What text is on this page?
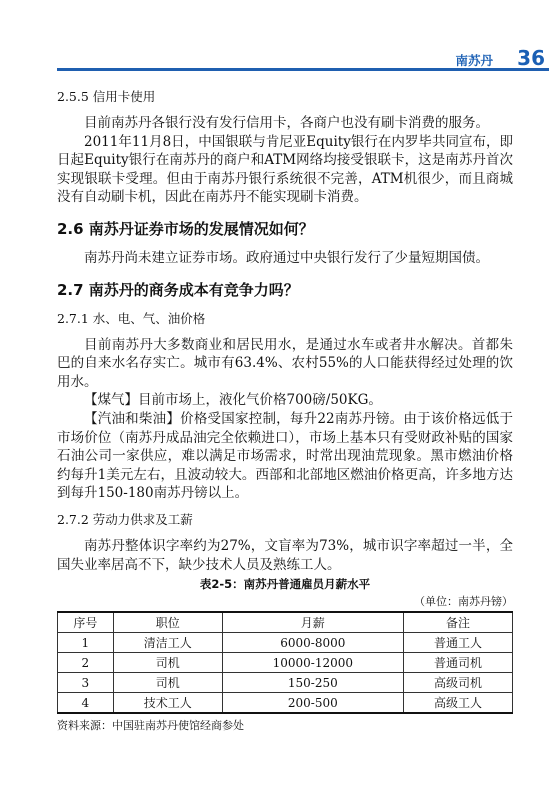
南苏丹 36
2.5.5 信用卡使用

目前南苏丹各银行没有发行信用卡，各商户也没有刷卡消费的服务。

2011年11月8日，中国银联与肯尼亚Equity银行在内罗毕共同宣布，即日起Equity银行在南苏丹的商户和ATM网络均接受银联卡，这是南苏丹首次实现银联卡受理。但由于南苏丹银行系统很不完善，ATM机很少，而且商城没有自动刷卡机，因此在南苏丹不能实现刷卡消费。

2.6 南苏丹证券市场的发展情况如何？

南苏丹尚未建立证券市场。政府通过中央银行发行了少量短期国债。

2.7 南苏丹的商务成本有竞争力吗？
2.7.1 水、电、气、油价格

目前南苏丹大多数商业和居民用水，是通过水车或者井水解决。首都朱巴的自来水名存实亡。城市有63.4%、农村55%的人口能获得经过处理的饮用水。

【煤气】目前市场上，液化气价格700磅/50KG。

【汽油和柴油】价格受国家控制，每升22南苏丹镑。由于该价格远低于市场价位（南苏丹成品油完全依赖进口），市场上基本只有受财政补贴的国家石油公司一家供应，难以满足市场需求，时常出现油荒现象。黑市燃油价格约每升1美元左右，且波动较大。西部和北部地区燃油价格更高，许多地方达到每升150-180南苏丹镑以上。

2.7.2 劳动力供求及工薪

南苏丹整体识字率约为27%，文盲率为73%，城市识字率超过一半，全国失业率居高不下，缺少技术人员及熟练工人。

表2-5：南苏丹普通雇员月薪水平
（单位：南苏丹镑）
序号	职位	月薪	备注
1	清洁工人	6000-8000	普通工人
2	司机	10000-12000	普通司机
3	司机	150-250	高级司机
4	技术工人	200-500	高级工人
资料来源：中国驻南苏丹使馆经商参处
